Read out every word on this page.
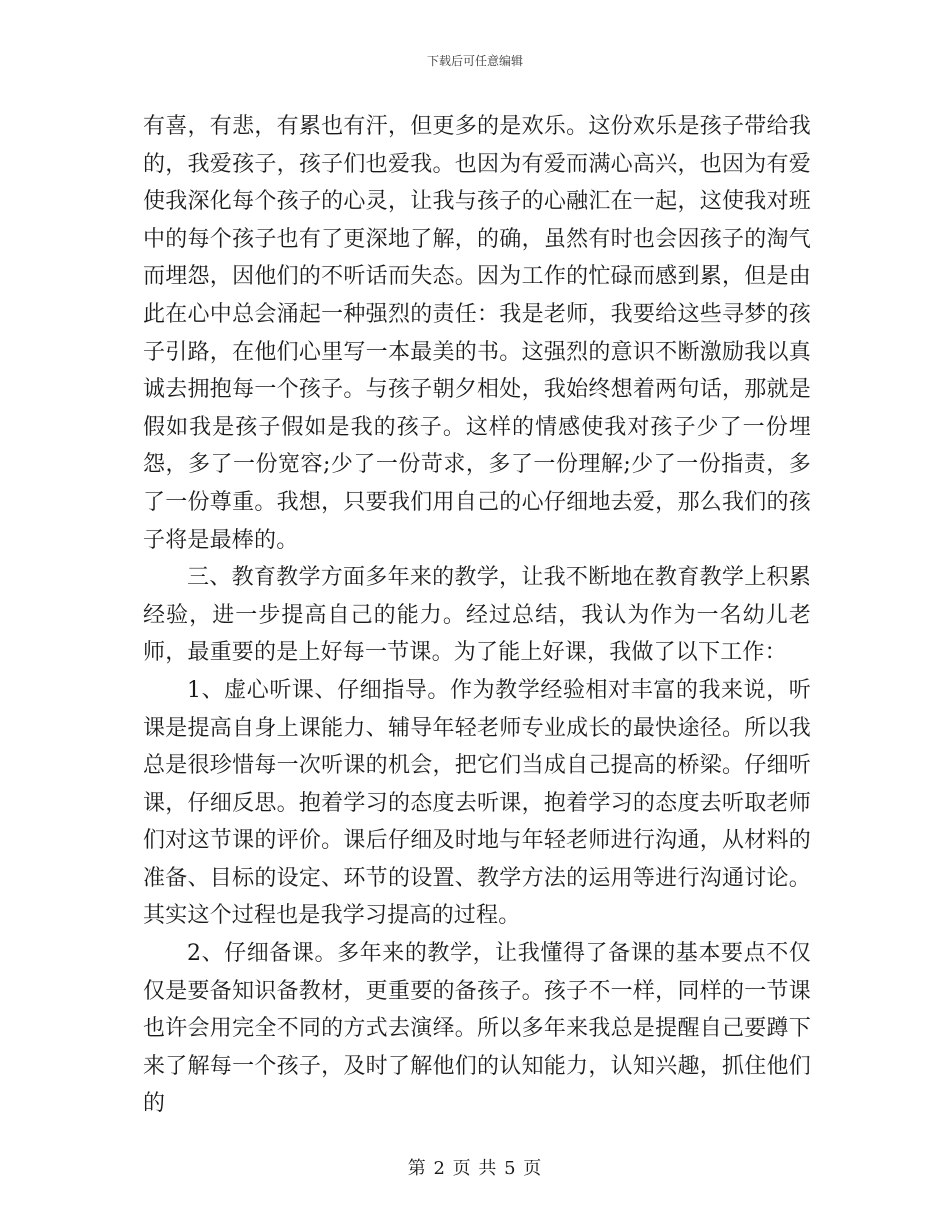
下载后可任意编辑

有喜，有悲，有累也有汗，但更多的是欢乐。这份欢乐是孩子带给我的，我爱孩子，孩子们也爱我。也因为有爱而满心高兴，也因为有爱使我深化每个孩子的心灵，让我与孩子的心融汇在一起，这使我对班中的每个孩子也有了更深地了解，的确，虽然有时也会因孩子的淘气而埋怨，因他们的不听话而失态。因为工作的忙碌而感到累，但是由此在心中总会涌起一种强烈的责任：我是老师，我要给这些寻梦的孩子引路，在他们心里写一本最美的书。这强烈的意识不断激励我以真诚去拥抱每一个孩子。与孩子朝夕相处，我始终想着两句话，那就是假如我是孩子假如是我的孩子。这样的情感使我对孩子少了一份埋怨，多了一份宽容;少了一份苛求，多了一份理解;少了一份指责，多了一份尊重。我想，只要我们用自己的心仔细地去爱，那么我们的孩子将是最棒的。

三、教育教学方面多年来的教学，让我不断地在教育教学上积累经验，进一步提高自己的能力。经过总结，我认为作为一名幼儿老师，最重要的是上好每一节课。为了能上好课，我做了以下工作：

1、虚心听课、仔细指导。作为教学经验相对丰富的我来说，听课是提高自身上课能力、辅导年轻老师专业成长的最快途径。所以我总是很珍惜每一次听课的机会，把它们当成自己提高的桥梁。仔细听课，仔细反思。抱着学习的态度去听课，抱着学习的态度去听取老师们对这节课的评价。课后仔细及时地与年轻老师进行沟通，从材料的准备、目标的设定、环节的设置、教学方法的运用等进行沟通讨论。其实这个过程也是我学习提高的过程。

2、仔细备课。多年来的教学，让我懂得了备课的基本要点不仅仅是要备知识备教材，更重要的备孩子。孩子不一样，同样的一节课也许会用完全不同的方式去演绎。所以多年来我总是提醒自己要蹲下来了解每一个孩子，及时了解他们的认知能力，认知兴趣，抓住他们的

第 2 页 共 5 页
